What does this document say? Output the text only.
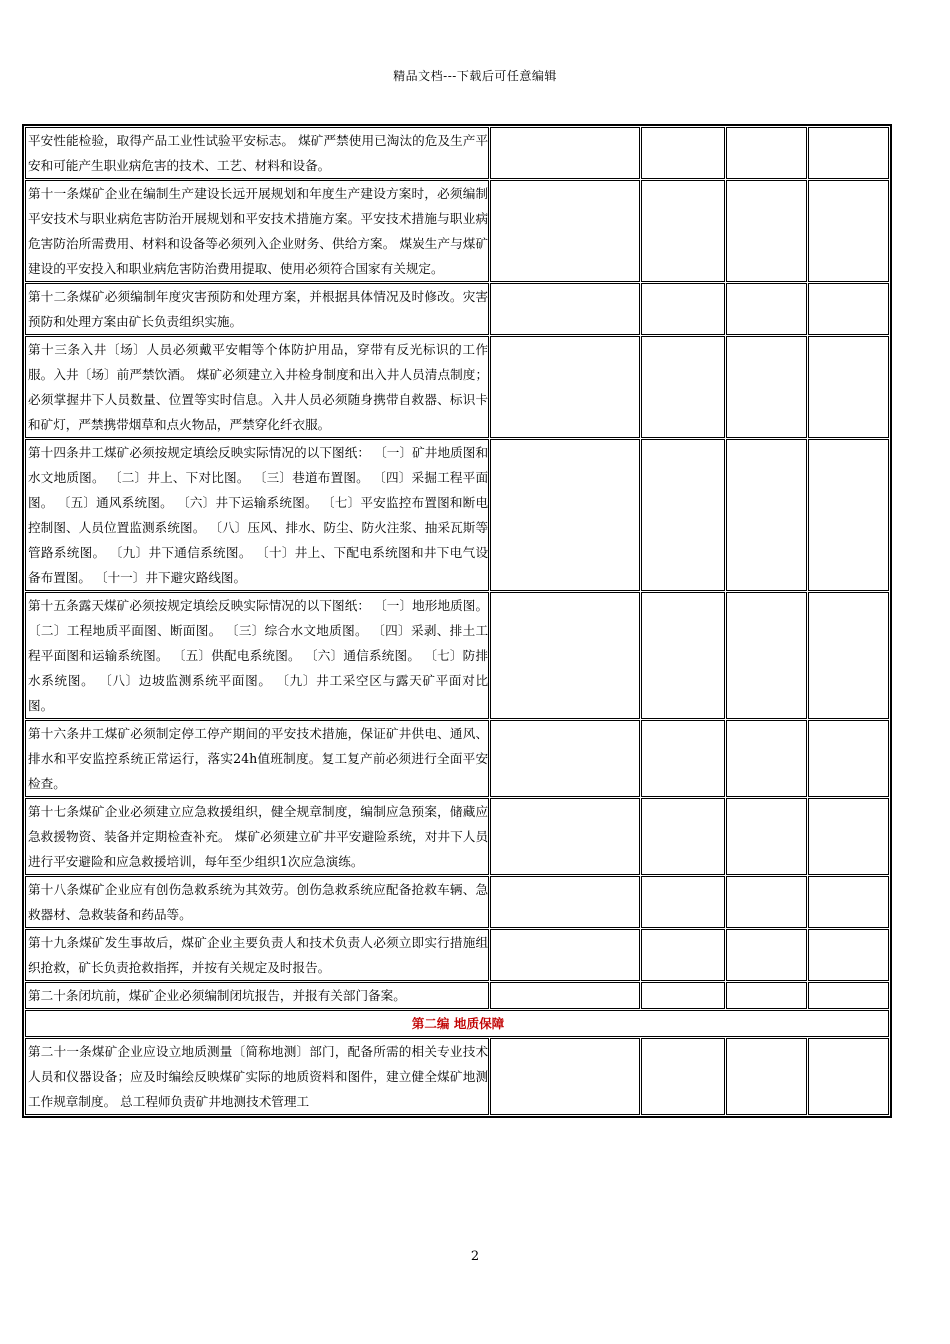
精品文档---下载后可任意编辑
平安性能检验，取得产品工业性试验平安标志。 煤矿严禁使用已淘汰的危及生产平安和可能产生职业病危害的技术、工艺、材料和设备。				
第十一条煤矿企业在编制生产建设长远开展规划和年度生产建设方案时，必须编制平安技术与职业病危害防治开展规划和平安技术措施方案。平安技术措施与职业病危害防治所需费用、材料和设备等必须列入企业财务、供给方案。 煤炭生产与煤矿建设的平安投入和职业病危害防治费用提取、使用必须符合国家有关规定。				
第十二条煤矿必须编制年度灾害预防和处理方案，并根据具体情况及时修改。灾害预防和处理方案由矿长负责组织实施。				
第十三条入井〔场〕人员必须戴平安帽等个体防护用品，穿带有反光标识的工作服。入井〔场〕前严禁饮酒。 煤矿必须建立入井检身制度和出入井人员清点制度；必须掌握井下人员数量、位置等实时信息。入井人员必须随身携带自救器、标识卡和矿灯，严禁携带烟草和点火物品，严禁穿化纤衣服。				
第十四条井工煤矿必须按规定填绘反映实际情况的以下图纸： 〔一〕矿井地质图和水文地质图。 〔二〕井上、下对比图。 〔三〕巷道布置图。 〔四〕采掘工程平面图。 〔五〕通风系统图。 〔六〕井下运输系统图。 〔七〕平安监控布置图和断电控制图、人员位置监测系统图。 〔八〕压风、排水、防尘、防火注浆、抽采瓦斯等管路系统图。 〔九〕井下通信系统图。 〔十〕井上、下配电系统图和井下电气设备布置图。 〔十一〕井下避灾路线图。				
第十五条露天煤矿必须按规定填绘反映实际情况的以下图纸： 〔一〕地形地质图。 〔二〕工程地质平面图、断面图。 〔三〕综合水文地质图。 〔四〕采剥、排土工程平面图和运输系统图。 〔五〕供配电系统图。 〔六〕通信系统图。 〔七〕防排水系统图。 〔八〕边坡监测系统平面图。 〔九〕井工采空区与露天矿平面对比图。				
第十六条井工煤矿必须制定停工停产期间的平安技术措施，保证矿井供电、通风、排水和平安监控系统正常运行，落实24h值班制度。复工复产前必须进行全面平安检查。				
第十七条煤矿企业必须建立应急救援组织，健全规章制度，编制应急预案，储藏应急救援物资、装备并定期检查补充。 煤矿必须建立矿井平安避险系统，对井下人员进行平安避险和应急救援培训，每年至少组织1次应急演练。				
第十八条煤矿企业应有创伤急救系统为其效劳。创伤急救系统应配备抢救车辆、急救器材、急救装备和药品等。				
第十九条煤矿发生事故后，煤矿企业主要负责人和技术负责人必须立即实行措施组织抢救，矿长负责抢救指挥，并按有关规定及时报告。				
第二十条闭坑前，煤矿企业必须编制闭坑报告，并报有关部门备案。				
第二编 地质保障				
第二十一条煤矿企业应设立地质测量〔简称地测〕部门，配备所需的相关专业技术人员和仪器设备；应及时编绘反映煤矿实际的地质资料和图件，建立健全煤矿地测工作规章制度。 总工程师负责矿井地测技术管理工				
2
